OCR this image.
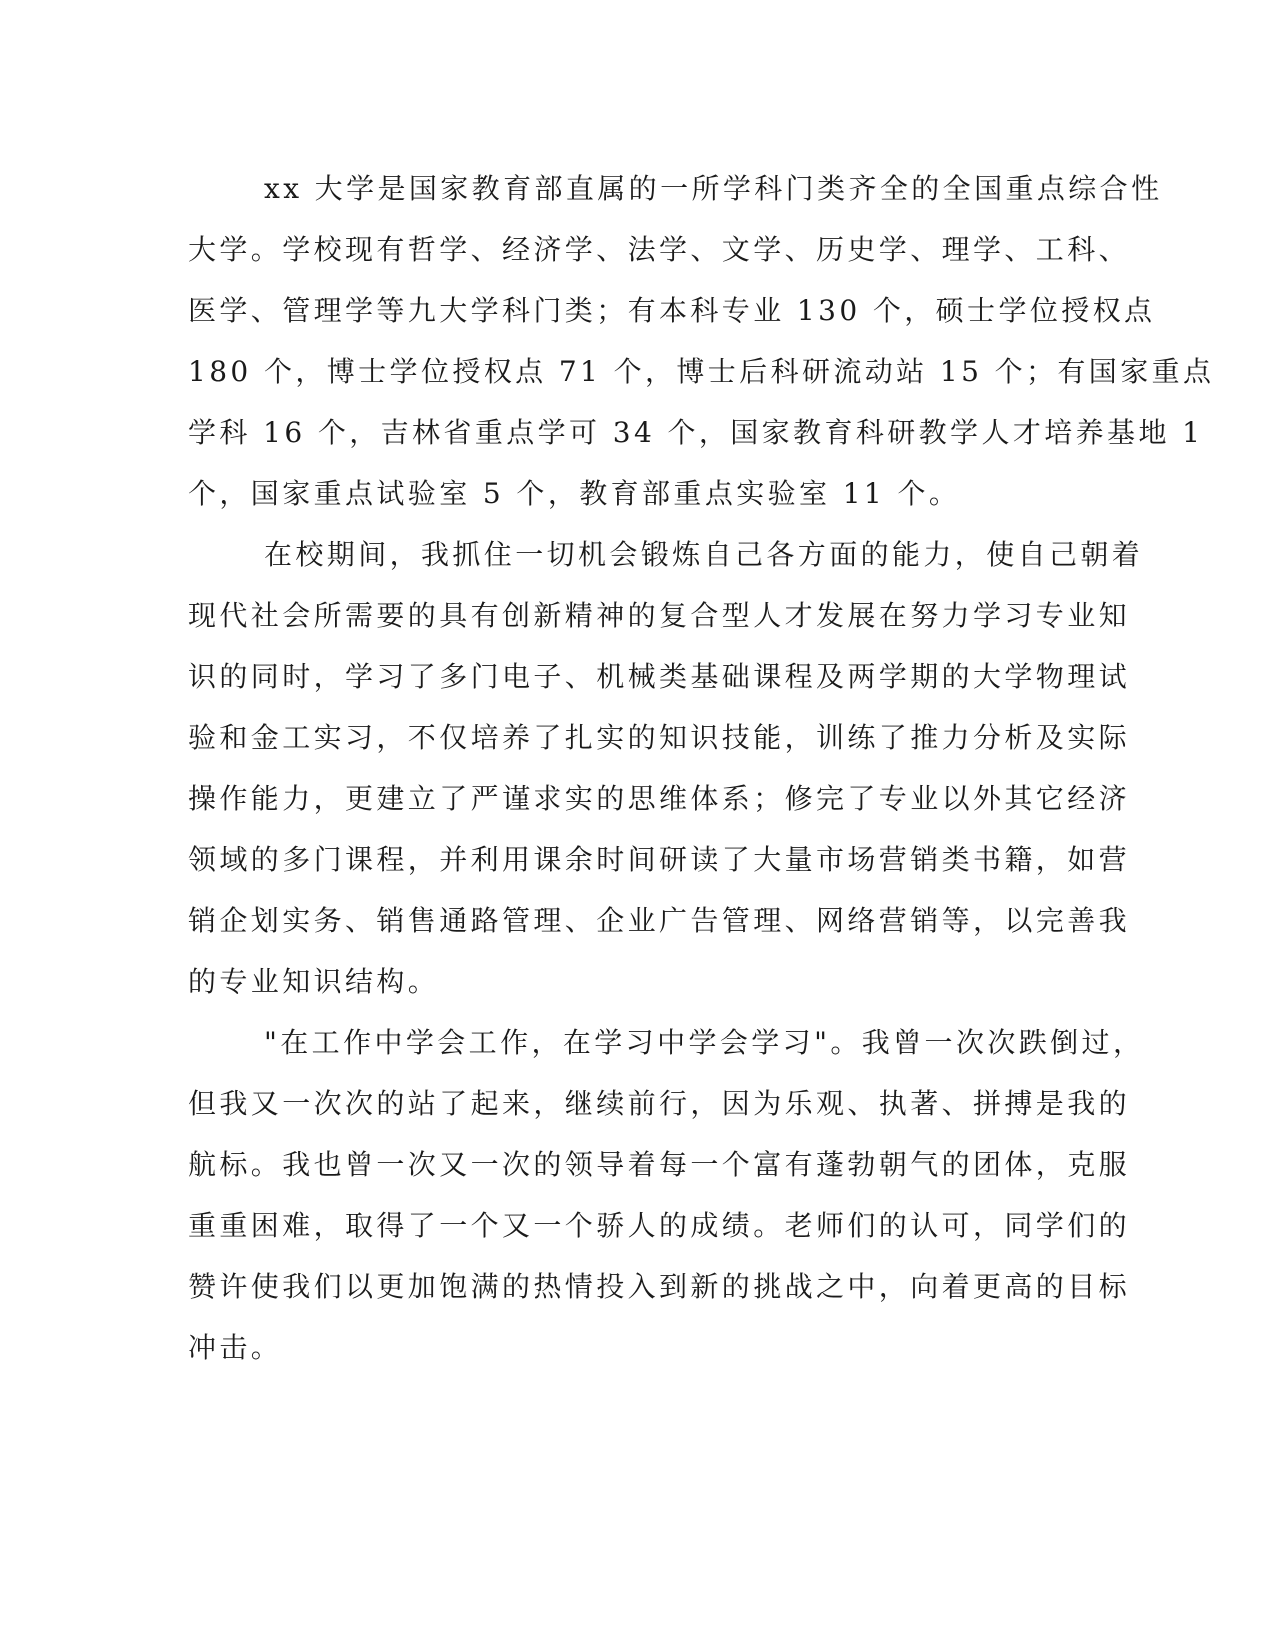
xx 大学是国家教育部直属的一所学科门类齐全的全国重点综合性
大学。学校现有哲学、经济学、法学、文学、历史学、理学、工科、
医学、管理学等九大学科门类；有本科专业 130 个，硕士学位授权点
180 个，博士学位授权点 71 个，博士后科研流动站 15 个；有国家重点
学科 16 个，吉林省重点学可 34 个，国家教育科研教学人才培养基地 1
个，国家重点试验室 5 个，教育部重点实验室 11 个。
在校期间，我抓住一切机会锻炼自己各方面的能力，使自己朝着
现代社会所需要的具有创新精神的复合型人才发展在努力学习专业知
识的同时，学习了多门电子、机械类基础课程及两学期的大学物理试
验和金工实习，不仅培养了扎实的知识技能，训练了推力分析及实际
操作能力，更建立了严谨求实的思维体系；修完了专业以外其它经济
领域的多门课程，并利用课余时间研读了大量市场营销类书籍，如营
销企划实务、销售通路管理、企业广告管理、网络营销等，以完善我
的专业知识结构。
"在工作中学会工作，在学习中学会学习"。我曾一次次跌倒过，
但我又一次次的站了起来，继续前行，因为乐观、执著、拼搏是我的
航标。我也曾一次又一次的领导着每一个富有蓬勃朝气的团体，克服
重重困难，取得了一个又一个骄人的成绩。老师们的认可，同学们的
赞许使我们以更加饱满的热情投入到新的挑战之中，向着更高的目标
冲击。
